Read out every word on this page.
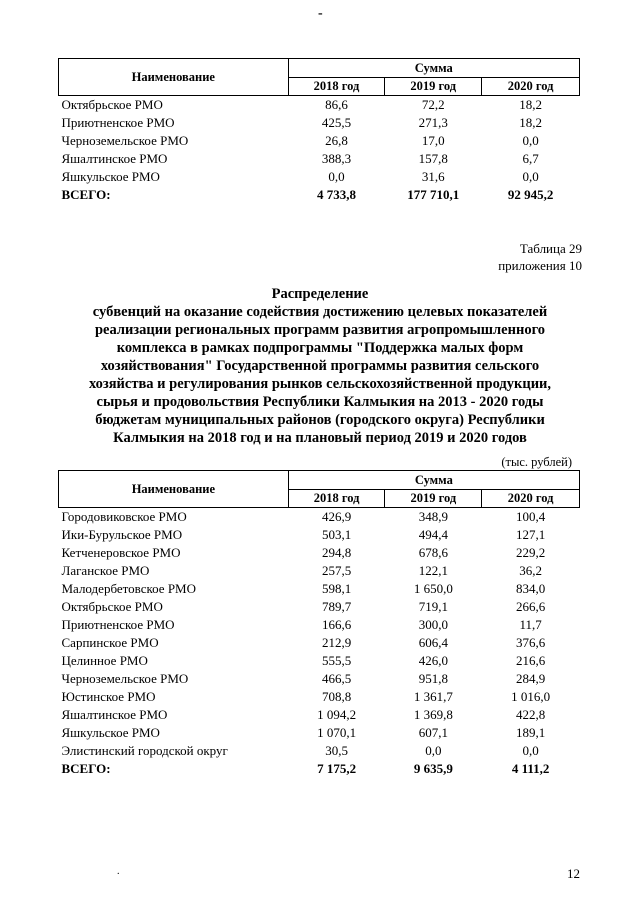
-
Наименование	Сумма		
	2018 год	2019 год	2020 год
Октябрьское РМО	86,6	72,2	18,2
Приютненское РМО	425,5	271,3	18,2
Черноземельское РМО	26,8	17,0	0,0
Яшалтинское РМО	388,3	157,8	6,7
Яшкульское РМО	0,0	31,6	0,0
ВСЕГО:	4 733,8	177 710,1	92 945,2
Таблица 29
приложения 10
Распределение
субвенций на оказание содействия достижению целевых показателей реализации региональных программ развития агропромышленного комплекса в рамках подпрограммы "Поддержка малых форм хозяйствования" Государственной программы развития сельского хозяйства и регулирования рынков сельскохозяйственной продукции, сырья и продовольствия Республики Калмыкия на 2013 - 2020 годы бюджетам муниципальных районов (городского округа) Республики Калмыкия на 2018 год и на плановый период 2019 и 2020 годов
(тыс. рублей)
Наименование	Сумма		
	2018 год	2019 год	2020 год
Городовиковское РМО	426,9	348,9	100,4
Ики-Бурульское РМО	503,1	494,4	127,1
Кетченеровское РМО	294,8	678,6	229,2
Лаганское РМО	257,5	122,1	36,2
Малодербетовское РМО	598,1	1 650,0	834,0
Октябрьское РМО	789,7	719,1	266,6
Приютненское РМО	166,6	300,0	11,7
Сарпинское РМО	212,9	606,4	376,6
Целинное РМО	555,5	426,0	216,6
Черноземельское РМО	466,5	951,8	284,9
Юстинское РМО	708,8	1 361,7	1 016,0
Яшалтинское РМО	1 094,2	1 369,8	422,8
Яшкульское РМО	1 070,1	607,1	189,1
Элистинский городской округ	30,5	0,0	0,0
ВСЕГО:	7 175,2	9 635,9	4 111,2
.	12
